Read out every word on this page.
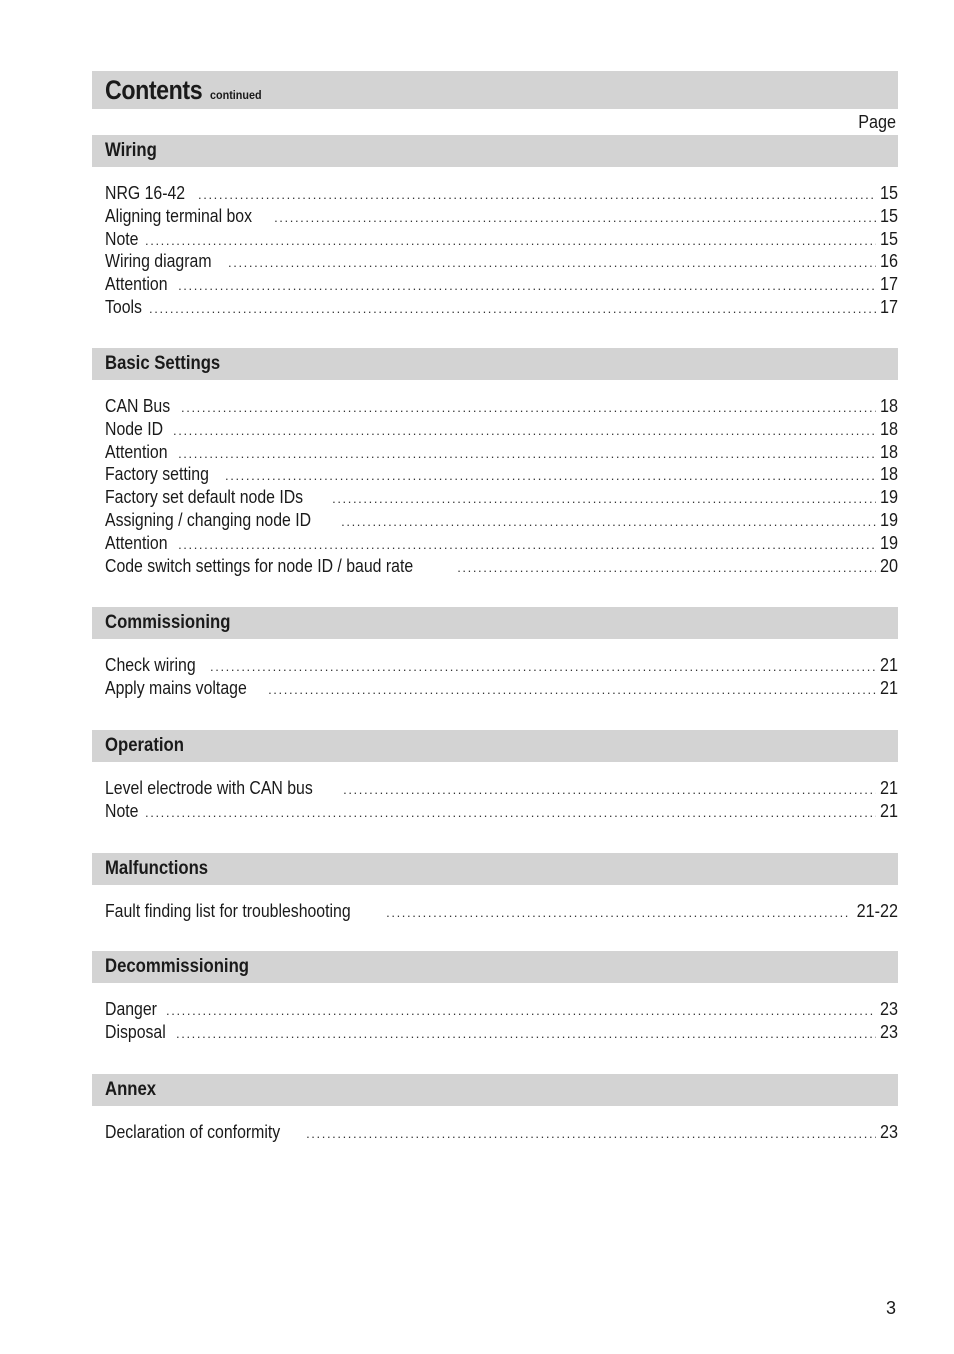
Contents continued
Page
Wiring
NRG 16-42 .....	15
Aligning terminal box .....	15
Note .....	15
Wiring diagram .....	16
Attention .....	17
Tools .....	17
Basic Settings
CAN Bus .....	18
Node ID .....	18
Attention .....	18
Factory setting .....	18
Factory set default node IDs .....	19
Assigning / changing node ID .....	19
Attention .....	19
Code switch settings for node ID / baud rate .....	20
Commissioning
Check wiring .....	21
Apply mains voltage .....	21
Operation
Level electrode with CAN bus .....	21
Note .....	21
Malfunctions
Fault finding list for troubleshooting .....	21-22
Decommissioning
Danger .....	23
Disposal .....	23
Annex
Declaration of conformity .....	23
3
